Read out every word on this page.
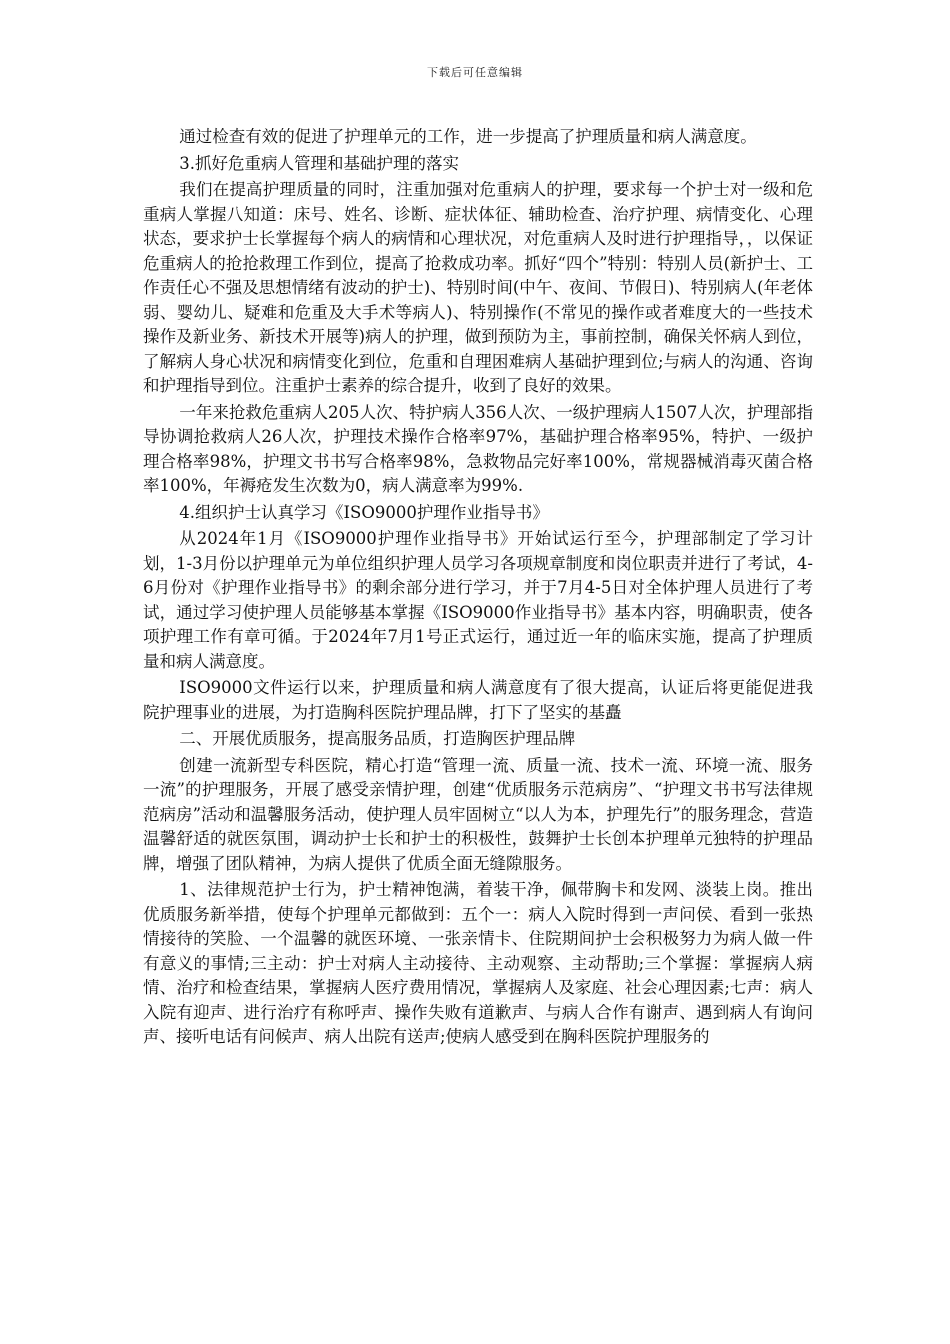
下载后可任意编辑

通过检查有效的促进了护理单元的工作，进一步提高了护理质量和病人满意度。

3.抓好危重病人管理和基础护理的落实

我们在提高护理质量的同时，注重加强对危重病人的护理，要求每一个护士对一级和危重病人掌握八知道：床号、姓名、诊断、症状体征、辅助检查、治疗护理、病情变化、心理状态，要求护士长掌握每个病人的病情和心理状况，对危重病人及时进行护理指导，，以保证危重病人的抢抢救理工作到位，提高了抢救成功率。抓好“四个”特别：特别人员(新护士、工作责任心不强及思想情绪有波动的护士)、特别时间(中午、夜间、节假日)、特别病人(年老体弱、婴幼儿、疑难和危重及大手术等病人)、特别操作(不常见的操作或者难度大的一些技术操作及新业务、新技术开展等)病人的护理，做到预防为主，事前控制，确保关怀病人到位，了解病人身心状况和病情变化到位，危重和自理困难病人基础护理到位;与病人的沟通、咨询和护理指导到位。注重护士素养的综合提升，收到了良好的效果。

一年来抢救危重病人205人次、特护病人356人次、一级护理病人1507人次，护理部指导协调抢救病人26人次，护理技术操作合格率97%，基础护理合格率95%，特护、一级护理合格率98%，护理文书书写合格率98%，急救物品完好率100%，常规器械消毒灭菌合格率100%，年褥疮发生次数为0，病人满意率为99%.

4.组织护士认真学习《ISO9000护理作业指导书》

从2024年1月《ISO9000护理作业指导书》开始试运行至今，护理部制定了学习计划，1-3月份以护理单元为单位组织护理人员学习各项规章制度和岗位职责并进行了考试，4-6月份对《护理作业指导书》的剩余部分进行学习，并于7月4-5日对全体护理人员进行了考试，通过学习使护理人员能够基本掌握《ISO9000作业指导书》基本内容，明确职责，使各项护理工作有章可循。于2024年7月1号正式运行，通过近一年的临床实施，提高了护理质量和病人满意度。

ISO9000文件运行以来，护理质量和病人满意度有了很大提高，认证后将更能促进我院护理事业的进展，为打造胸科医院护理品牌，打下了坚实的基矗

二、开展优质服务，提高服务品质，打造胸医护理品牌

创建一流新型专科医院，精心打造“管理一流、质量一流、技术一流、环境一流、服务一流”的护理服务，开展了感受亲情护理，创建“优质服务示范病房”、“护理文书书写法律规范病房”活动和温馨服务活动，使护理人员牢固树立“以人为本，护理先行”的服务理念，营造温馨舒适的就医氛围，调动护士长和护士的积极性，鼓舞护士长创本护理单元独特的护理品牌，增强了团队精神，为病人提供了优质全面无缝隙服务。

1、法律规范护士行为，护士精神饱满，着装干净，佩带胸卡和发网、淡装上岗。推出优质服务新举措，使每个护理单元都做到：五个一：病人入院时得到一声问侯、看到一张热情接待的笑脸、一个温馨的就医环境、一张亲情卡、住院期间护士会积极努力为病人做一件有意义的事情;三主动：护士对病人主动接待、主动观察、主动帮助;三个掌握：掌握病人病情、治疗和检查结果，掌握病人医疗费用情况，掌握病人及家庭、社会心理因素;七声：病人入院有迎声、进行治疗有称呼声、操作失败有道歉声、与病人合作有谢声、遇到病人有询问声、接听电话有问候声、病人出院有送声;使病人感受到在胸科医院护理服务的
